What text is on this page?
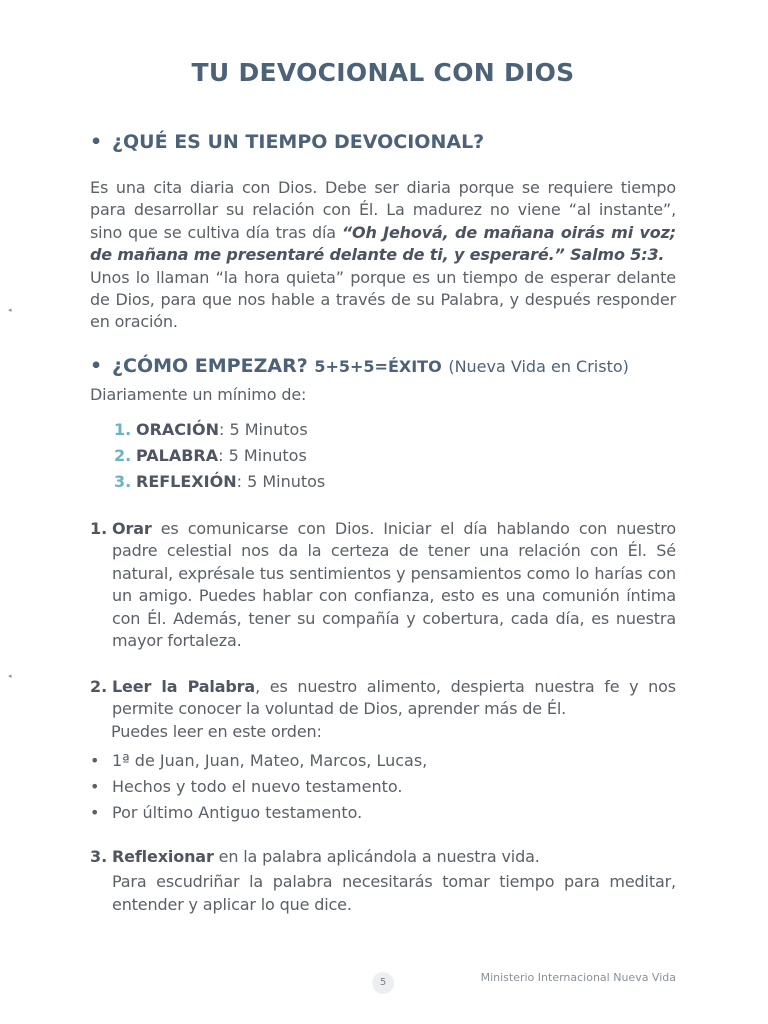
◂
◂
TU DEVOCIONAL CON DIOS
• ¿QUÉ ES UN TIEMPO DEVOCIONAL?

Es una cita diaria con Dios. Debe ser diaria porque se requiere tiempo para desarrollar su relación con Él. La madurez no viene “al instante”, sino que se cultiva día tras día “Oh Jehová, de mañana oirás mi voz; de mañana me presentaré delante de ti, y esperaré.” Salmo 5:3.
Unos lo llaman “la hora quieta” porque es un tiempo de esperar delante de Dios, para que nos hable a través de su Palabra, y después responder en oración.

• ¿CÓMO EMPEZAR? 5+5+5=ÉXITO (Nueva Vida en Cristo)

Diariamente un mínimo de:

1. ORACIÓN: 5 Minutos
2. PALABRA: 5 Minutos
3. REFLEXIÓN: 5 Minutos
1. Orar es comunicarse con Dios. Iniciar el día hablando con nuestro padre celestial nos da la certeza de tener una relación con Él. Sé natural, exprésale tus sentimientos y pensamientos como lo harías con un amigo. Puedes hablar con confianza, esto es una comunión íntima con Él. Además, tener su compañía y cobertura, cada día, es nuestra mayor fortaleza.
2. Leer la Palabra, es nuestro alimento, despierta nuestra fe y nos permite conocer la voluntad de Dios, aprender más de Él.
Puedes leer en este orden:
• 1ª de Juan, Juan, Mateo, Marcos, Lucas,
• Hechos y todo el nuevo testamento.
• Por último Antiguo testamento.
3. Reflexionar en la palabra aplicándola a nuestra vida.
Para escudriñar la palabra necesitarás tomar tiempo para meditar, entender y aplicar lo que dice.
5	Ministerio Internacional Nueva Vida
